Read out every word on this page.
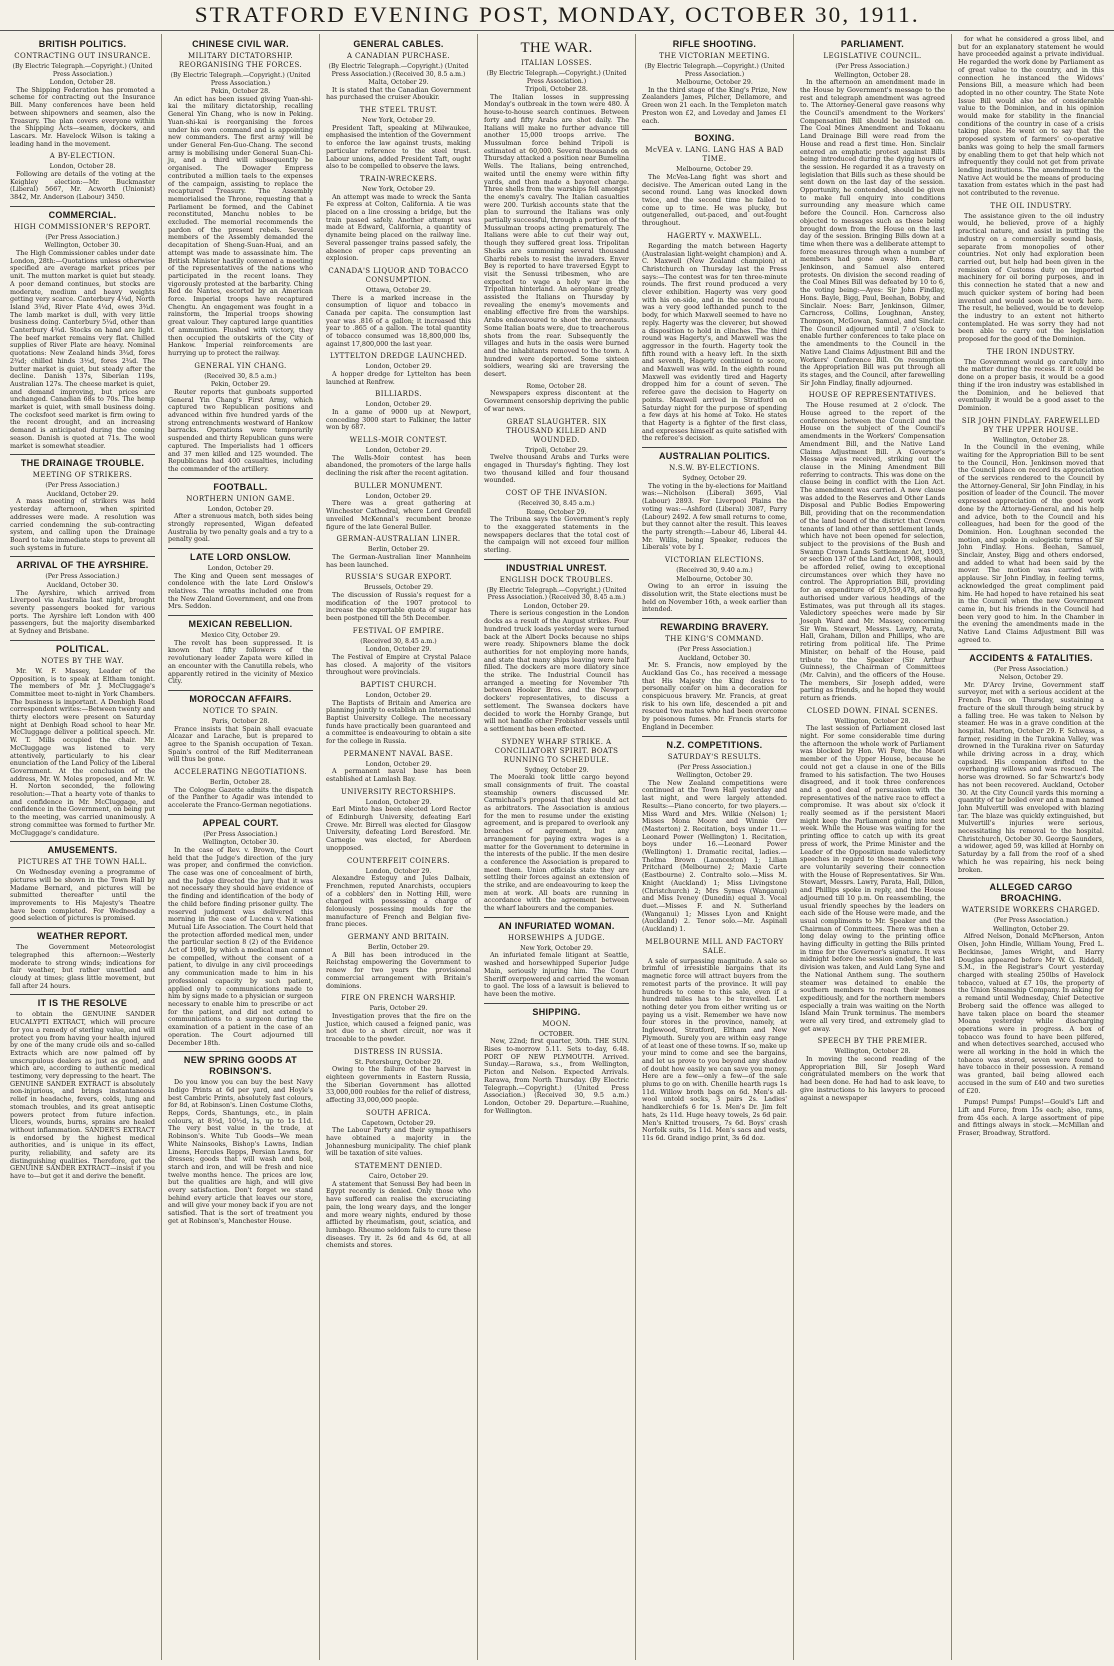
STRATFORD EVENING POST, MONDAY, OCTOBER 30, 1911.
BRITISH POLITICS.
CONTRACTING OUT INSURANCE.
(By Electric Telegraph.—Copyright.) (United Press Association.)
London, October 28.

The Shipping Federation has promoted a scheme for contracting out the Insurance Bill. Many conferences have been held between shipowners and seamen, also the Treasury. The plan covers everyone within the Shipping Acts—seamen, dockers, and Lascars. Mr. Havelock Wilson is taking a leading hand in the movement.

A BY-ELECTION.
London, October 28.

Following are details of the voting at the Keighley election:—Mr. Buckmaster (Liberal) 5667, Mr. Acworth (Unionist) 3842, Mr. Anderson (Labour) 3450.

COMMERCIAL.
HIGH COMMISSIONER'S REPORT.
(Per Press Association.)
Wellington, October 30.

The High Commissioner cables under date London, 28th:—Quotations unless otherwise specified are average market prices per unit. The mutton market is quiet but steady. A poor demand continues, but stocks are moderate, medium and heavy weights getting very scarce. Canterbury 4¼d, North Island 3¾d, River Plate 4¼d, ewes 3¾d. The lamb market is dull, with very little business doing. Canterbury 5¼d, other than Canterbury 4¾d. Stocks on hand are light. The beef market remains very flat. Chilled supplies of River Plate are heavy. Nominal quotations: New Zealand hinds 3¾d, fores 2¾d; chilled hinds 3½d, fores 2¾d. The butter market is quiet, but steady after the decline. Danish 137s, Siberian 119s, Australian 127s. The cheese market is quiet, and demand improving, but prices are unchanged. Canadian 68s to 70s. The hemp market is quiet, with small business doing. The cocksfoot seed market is firm owing to the recent drought, and an increasing demand is anticipated during the coming season. Danish is quoted at 71s. The wool market is somewhat steadier.

THE DRAINAGE TROUBLE.
MEETING OF STRIKERS.
(Per Press Association.)
Auckland, October 29.

A mass meeting of strikers was held yesterday afternoon, when spirited addresses were made. A resolution was carried condemning the sub-contracting system, and calling upon the Drainage Board to take immediate steps to prevent all such systems in future.

ARRIVAL OF THE AYRSHIRE.
(Per Press Association.)
Auckland, October 30.

The Ayrshire, which arrived from Liverpool via Australia last night, brought seventy passengers booked for various ports. The Ayrshire left London with 400 passengers, but the majority disembarked at Sydney and Brisbane.

POLITICAL.
NOTES BY THE WAY.

Mr. W. F. Massey, Leader of the Opposition, is to speak at Eltham tonight. The members of Mr. J. McCluggage's Committee meet to-night in York Chambers. The business is important. A Denbigh Road correspondent writes:—Between twenty and thirty electors were present on Saturday night at Denbigh Road school to hear Mr. McCluggage deliver a political speech. Mr. W. T. Mills occupied the chair. Mr. McCluggage was listened to very attentively, particularly to his clear enunciation of the Land Policy of the Liberal Government. At the conclusion of the address, Mr. W. Moles proposed, and Mr. W. H. Norton seconded, the following resolution:—That a hearty vote of thanks to and confidence in Mr. McCluggage, and confidence in the Government, on being put to the meeting, was carried unanimously. A strong committee was formed to further Mr. McCluggage's candidature.

AMUSEMENTS.
PICTURES AT THE TOWN HALL.

On Wednesday evening a programme of pictures will be shown in the Town Hall by Madame Bernard, and pictures will be submitted thereafter until the improvements to His Majesty's Theatre have been completed. For Wednesday a good selection of pictures is promised.

WEATHER REPORT.

The Government Meteorologist telegraphed this afternoon:—Westerly moderate to strong winds; indications for fair weather, but rather unsettled and cloudy at times; glass little movement, but fall after 24 hours.

IT IS THE RESOLVE

to obtain the GENUINE SANDER EUCALYPTI EXTRACT, which will procure for you a remedy of sterling value, and will protect you from having your health injured by one of the many crude oils and so-called Extracts which are now palmed off by unscrupulous dealers as just as good, and which are, according to authentic medical testimony, very depressing to the heart. The GENUINE SANDER EXTRACT is absolutely non-injurious, and brings instantaneous relief in headache, fevers, colds, lung and stomach troubles, and its great antiseptic powers protect from future infection. Ulcers, wounds, burns, sprains are healed without inflammation. SANDER'S EXTRACT is endorsed by the highest medical authorities, and is unique in its effect, purity, reliability, and safety are its distinguishing qualities. Therefore, get the GENUINE SANDER EXTRACT—insist if you have to—but get it and derive the benefit.

CHINESE CIVIL WAR.
MILITARY DICTATORSHIP. REORGANISING THE FORCES.
(By Electric Telegraph.—Copyright.) (United Press Association.)
Pekin, October 28.

An edict has been issued giving Yuan-shi-kai the military dictatorship, recalling General Yin Chang, who is now in Peking. Yuan-shi-kai is reorganising the forces under his own command and is appointing new commanders. The first army will be under General Fen-Guo-Chang. The second army is mobilising under General Suan-Chi-ju, and a third will subsequently be organised. The Dowager Empress contributed a million taels to the expenses of the campaign, assisting to replace the recaptured Treasury. The Assembly memorialised the Throne, requesting that a Parliament be formed, and the Cabinet reconstituted, Manchu nobles to be excluded. The memorial recommends the pardon of the present rebels. Several members of the Assembly demanded the decapitation of Sheng-Suan-Huai, and an attempt was made to assassinate him. The British Minister hastily convened a meeting of the representatives of the nations who participated in the recent loans. They vigorously protested at the barbarity. Ching Red de Nantes, escorted by an American force. Imperial troops have recaptured Chengtu. An engagement was fought in a rainstorm, the Imperial troops showing great valour. They captured large quantities of ammunition. Flushed with victory, they then occupied the outskirts of the City of Hankow. Imperial reinforcements are hurrying up to protect the railway.

GENERAL YIN CHANG.
(Received 30, 8.5 a.m.)
Pekin, October 29.

Reuter reports that gunboats supported General Yin Chang's First Army, which captured two Republican positions and advanced within five hundred yards of the strong entrenchments westward of Hankow barracks. Operations were temporarily suspended and thirty Republican guns were captured. The Imperialists had 1 officers and 37 men killed and 125 wounded. The Republicans had 400 casualties, including the commander of the artillery.

FOOTBALL.
NORTHERN UNION GAME.
London, October 29.

After a strenuous match, both sides being strongly represented, Wigan defeated Australia by two penalty goals and a try to a penalty goal.

LATE LORD ONSLOW.
London, October 29.

The King and Queen sent messages of condolence with the late Lord Onslow's relatives. The wreaths included one from the New Zealand Government, and one from Mrs. Seddon.

MEXICAN REBELLION.
Mexico City, October 29.

The revolt has been suppressed. It is known that fifty followers of the revolutionary leader Zapata were killed in an encounter with the Canutilla rebels, who apparently retired in the vicinity of Mexico City.

MOROCCAN AFFAIRS.
NOTICE TO SPAIN.
Paris, October 28.

France insists that Spain shall evacuate Alcazar and Larache, but is prepared to agree to the Spanish occupation of Texan. Spain's control of the Riff Mediterranean will thus be gone.

ACCELERATING NEGOTIATIONS.
Berlin, October 28.

The Cologne Gazette admits the dispatch of the Panther to Agadir was intended to accelerate the Franco-German negotiations.

APPEAL COURT.
(Per Press Association.)
Wellington, October 30.

In the case of Rev. v. Brown, the Court held that the Judge's direction of the jury was proper, and confirmed the conviction. The case was one of concealment of birth, and the Judge directed the jury that it was not necessary they should have evidence of the finding and identification of the body of the child before finding prisoner guilty. The reserved judgment was delivered this morning in the case of Lucena v. National Mutual Life Association. The Court held that the protection afforded medical men, under the particular section 8 (2) of the Evidence Act of 1908, by which a medical man cannot be compelled, without the consent of a patient, to divulge in any civil proceedings any communication made to him in his professional capacity by such patient, applied only to communications made to him by signs made to a physician or surgeon necessary to enable him to prescribe or act for the patient, and did not extend to communications to a surgeon during the examination of a patient in the case of an operation. The Court adjourned till December 18th.

NEW SPRING GOODS AT ROBINSON'S.

Do you know you can buy the best Navy Indigo Prints at 6d per yard, and Hoyle's best Cambric Prints, absolutely fast colours, for 8d, at Robinson's. Linen Costume Cloths, Repps, Cords, Shantungs, etc., in plain colours, at 8½d, 10½d, 1s, up to 1s 11d. The very best value in the trade, at Robinson's. White Tub Goods—We mean White Nainsooks, Bishop's Lawns, Indian Linens, Hercules Repps, Persian Lawns, for dresses; goods that will wash and boil, starch and iron, and will be fresh and nice twelve months hence. The prices are low, but the qualities are high, and will give every satisfaction. Don't forget we stand behind every article that leaves our store, and will give your money back if you are not satisfied. That is the sort of treatment you get at Robinson's, Manchester House.

GENERAL CABLES.
A CANADIAN PURCHASE.
(By Electric Telegraph.—Copyright.) (United Press Association.) (Received 30, 8.5 a.m.)
Malta, October 29.

It is stated that the Canadian Government has purchased the cruiser Aboukir.

THE STEEL TRUST.
New York, October 29.

President Taft, speaking at Milwaukee, emphasised the intention of the Government to enforce the law against trusts, making particular reference to the steel trust. Labour unions, added President Taft, ought also to be compelled to observe the laws.

TRAIN-WRECKERS.
New York, October 29.

An attempt was made to wreck the Santa Fe express at Colton, California. A tie was placed on a line crossing a bridge, but the train passed safely. Another attempt was made at Edward, California, a quantity of dynamite being placed on the railway line. Several passenger trains passed safely, the absence of proper caps preventing an explosion.

CANADA'S LIQUOR AND TOBACCO CONSUMPTION.
Ottawa, October 29.

There is a marked increase in the consumption of liquor and tobacco in Canada per capita. The consumption last year was .816 of a gallon; it increased this year to .865 of a gallon. The total quantity of tobacco consumed was 18,800,000 lbs, against 17,800,000 the last year.

LYTTELTON DREDGE LAUNCHED.
London, October 29.

A hopper dredge for Lyttelton has been launched at Renfrew.

BILLIARDS.
London, October 29.

In a game of 9000 up at Newport, conceding 3000 start to Falkiner, the latter won by 687.

WELLS-MOIR CONTEST.
London, October 29.

The Wells-Moir contest has been abandoned, the promoters of the large halls declining the risk after the recent agitation.

BULLER MONUMENT.
London, October 29.

There was a great gathering at Winchester Cathedral, where Lord Grenfell unveiled McKennal's recumbent bronze figure of the late General Buller.

GERMAN-AUSTRALIAN LINER.
Berlin, October 29.

The German-Australian liner Mannheim has been launched.

RUSSIA'S SUGAR EXPORT.
Brussels, October 29.

The discussion of Russia's request for a modification of the 1907 protocol to increase the exportable quota of sugar has been postponed till the 5th December.

FESTIVAL OF EMPIRE.
(Received 30, 8.45 a.m.)
London, October 29.

The Festival of Empire at Crystal Palace has closed. A majority of the visitors throughout were provincials.

BAPTIST CHURCH.
London, October 29.

The Baptists of Britain and America are planning jointly to establish an International Baptist University College. The necessary funds have practically been guaranteed and a committee is endeavouring to obtain a site for the college in Russia.

PERMANENT NAVAL BASE.
London, October 29.

A permanent naval base has been established at Lamlash Bay.

UNIVERSITY RECTORSHIPS.
London, October 29.

Earl Minto has been elected Lord Rector of Edinburgh University, defeating Earl Crewe. Mr. Birrell was elected for Glasgow University, defeating Lord Beresford. Mr. Carnegie was elected, for Aberdeen unopposed.

COUNTERFEIT COINERS.
London, October 29.

Alexandre Esteguy and Jules Dalbaix, Frenchmen, reputed Anarchists, occupiers of a cobblers' den in Notting Hill, were charged with possessing a charge of feloniously possessing moulds for the manufacture of French and Belgian five-franc pieces.

GERMANY AND BRITAIN.
Berlin, October 29.

A Bill has been introduced in the Reichstag empowering the Government to renew for two years the provisional commercial arrangement with Britain's dominions.

FIRE ON FRENCH WARSHIP.
Paris, October 29.

Investigation proves that the fire on the Justice, which caused a feigned panic, was not due to a short circuit, nor was it traceable to the powder.

DISTRESS IN RUSSIA.
St. Petersburg, October 29.

Owing to the failure of the harvest in eighteen governments in Eastern Russia, the Siberian Government has allotted 33,000,000 roubles for the relief of distress, affecting 33,000,000 people.

SOUTH AFRICA.
Capetown, October 29.

The Labour Party and their sympathisers have obtained a majority in the Johannesburg municipality. The chief plank will be taxation of site values.

STATEMENT DENIED.
Cairo, October 29.

A statement that Senussi Bey had been in Egypt recently is denied. Only those who have suffered can realise the excruciating pain, the long weary days, and the longer and more weary nights, endured by those afflicted by rheumatism, gout, sciatica, and lumbago. Rheumo seldom fails to cure these diseases. Try it. 2s 6d and 4s 6d, at all chemists and stores.

THE WAR.
ITALIAN LOSSES.
(By Electric Telegraph.—Copyright.) (United Press Association.)
Tripoli, October 28.

The Italian losses in suppressing Monday's outbreak in the town were 480. A house-to-house search continues. Between forty and fifty Arabs are shot daily. The Italians will make no further advance till another 15,000 troops arrive. The Mussulman force behind Tripoli is estimated at 60,000. Several thousands on Thursday attacked a position near Bumelina Wells. The Italians, being entrenched, waited until the enemy were within fifty yards, and then made a bayonet charge. Three shells from the warships fell amongst the enemy's cavalry. The Italian casualties were 200. Turkish accounts state that the plan to surround the Italians was only partially successful, through a portion of the Mussulman troops acting prematurely. The Italians were able to cut their way out, though they suffered great loss. Tripolitan Sheiks are summoning several thousand Gharbi rebels to resist the invaders. Enver Bey is reported to have traversed Egypt to visit the Senussi tribesmen, who are expected to wage a holy war in the Tripolitan hinterland. An aeroplane greatly assisted the Italians on Thursday by revealing the enemy's movements and enabling effective fire from the warships. Arabs endeavoured to shoot the aeronauts. Some Italian boats were, due to treacherous shots from the rear. Subsequently the villages and huts in the oasis were burned and the inhabitants removed to the town. A hundred were deported. Some sixteen soldiers, wearing ski are traversing the desert.

Rome, October 28.

Newspapers express discontent at the Government censorship depriving the public of war news.

GREAT SLAUGHTER. SIX THOUSAND KILLED AND WOUNDED.
Tripoli, October 29.

Twelve thousand Arabs and Turks were engaged in Thursday's fighting. They lost two thousand killed and four thousand wounded.

COST OF THE INVASION.
(Received 30, 8.45 a.m.)
Rome, October 29.

The Tribuna says the Government's reply to the exaggerated statements in the newspapers declares that the total cost of the campaign will not exceed four million sterling.

INDUSTRIAL UNREST.
ENGLISH DOCK TROUBLES.
(By Electric Telegraph.—Copyright.) (United Press Association.) (Received 30, 8.45 a.m.)
London, October 29.

There is serious congestion in the London docks as a result of the August strikes. Four hundred truck loads yesterday were turned back at the Albert Docks because no ships were ready. Shipowners blame the dock authorities for not employing more hands, and state that many ships leaving were half filled. The dockers are more dilatory since the strike. The Industrial Council has arranged a meeting for November 7th between Hooker Bros. and the Newport dockers' representatives, to discuss a settlement. The Swansea dockers have decided to work the Hornby Grange, but will not handle other Frobisher vessels until a settlement has been effected.

SYDNEY WHARF STRIKE. A CONCILIATORY SPIRIT. BOATS RUNNING TO SCHEDULE.
Sydney, October 29.

The Moeraki took little cargo beyond small consignments of fruit. The coastal steamship owners discussed Mr. Carmichael's proposal that they should act as arbitrators. The Association is anxious for the men to resume under the existing agreement, and is prepared to overlook any breaches of agreement, but any arrangement for paying extra wages is a matter for the Government to determine in the interests of the public. If the men desire a conference the Association is prepared to meet them. Union officials state they are settling their forces against an extension of the strike, and are endeavouring to keep the men at work. All boats are running in accordance with the agreement between the wharf labourers and the companies.

AN INFURIATED WOMAN.
HORSEWHIPS A JUDGE.
New York, October 29.

An infuriated female litigant at Seattle, washed and horsewhipped Superior Judge Main, seriously injuring him. The Court Sheriff overpowered and carried the woman to gaol. The loss of a lawsuit is believed to have been the motive.

SHIPPING.
MOON.
OCTOBER.

New, 22nd; first quarter, 30th. THE SUN. Rises to-morrow 5.11. Sets to-day, 6.48. PORT OF NEW PLYMOUTH. Arrived. Sunday.—Rarawa, s.s., from Wellington, Picton and Nelson. Expected Arrivals. Rarawa, from North Thursday. (By Electric Telegraph.—Copyright.) (United Press Association.) (Received 30, 9.5 a.m.) London, October 29. Departure.—Ruahine, for Wellington.

RIFLE SHOOTING.
THE VICTORIAN MEETING.
(By Electric Telegraph.—Copyright.) (United Press Association.)
Melbourne, October 29.

In the third stage of the King's Prize, New Zealanders James, Pilcher, Dellamore, and Green won 21 each. In the Templeton match Preston won £2, and Loveday and James £1 each.

BOXING.
McVEA v. LANG. LANG HAS A BAD TIME.
Melbourne, October 29.

The McVea-Lang fight was short and decisive. The American outed Lang in the second round. Lang was knocked down twice, and the second time he failed to come up to time. He was plucky, but outgeneralled, out-paced, and out-fought throughout.

HAGERTY v. MAXWELL.

Regarding the match between Hagerty (Australasian light-weight champion) and A. C. Maxwell (New Zealand champion) at Christchurch on Thursday last the Press says:—The contest was for ten three-minute rounds. The first round produced a very clever exhibition. Hagerty was very good with his on-side, and in the second round was a very good lefthanded punch to the body, for which Maxwell seemed to have no reply. Hagerty was the cleverer, but showed a disposition to hold in clinches. The third round was Hagerty's, and Maxwell was the aggressor in the fourth. Hagerty took the fifth round with a heavy left. In the sixth and seventh, Hagerty continued to score, and Maxwell was wild. In the eighth round Maxwell was evidently tired and Hagerty dropped him for a count of seven. The referee gave the decision to Hagerty on points. Maxwell arrived in Stratford on Saturday night for the purpose of spending a few days at his home at Toko. He states that Hagerty is a fighter of the first class, and expresses himself as quite satisfied with the referee's decision.

AUSTRALIAN POLITICS.
N.S.W. BY-ELECTIONS.
Sydney, October 29.

The voting in the by-elections for Maitland was:—Nicholson (Liberal) 3695, Vial (Labour) 2893. For Liverpool Plains the voting was:—Ashford (Liberal) 3087, Parry (Labour) 2492. A few small returns to come, but they cannot alter the result. This leaves the party strength:—Labour 46, Liberal 44. Mr. Willis, being Speaker, reduces the Liberals' vote by 1.

VICTORIAN ELECTIONS.
(Received 30, 9.40 a.m.)
Melbourne, October 30.

Owing to an error in issuing the dissolution writ, the State elections must be held on November 16th, a week earlier than intended.

REWARDING BRAVERY.
THE KING'S COMMAND.
(Per Press Association.)
Auckland, October 30.

Mr. S. Francis, now employed by the Auckland Gas Co., has received a message that His Majesty the King desires to personally confer on him a decoration for conspicuous bravery. Mr. Francis, at great risk to his own life, descended a pit and rescued two mates who had been overcome by poisonous fumes. Mr. Francis starts for England in December.

N.Z. COMPETITIONS.
SATURDAY'S RESULTS.
(Per Press Association.)
Wellington, October 29.

The New Zealand competitions were continued at the Town Hall yesterday and last night, and were largely attended. Results:—Piano concerto, for two players.—Miss Ward and Mrs. Wilkie (Nelson) 1; Misses Mona Moore and Winnie Orr (Masterton) 2. Recitation, boys under 11.—Leonard Power (Wellington) 1. Recitation, boys under 16.—Leonard Power (Wellington) 1. Dramatic recital, ladies.—Thelma Brown (Launceston) 1; Lilian Pritchard (Melbourne) 2; Maxie Carte (Eastbourne) 2. Contralto solo.—Miss M. Knight (Auckland) 1; Miss Livingstone (Christchurch) 2; Mrs Symes (Wanganui) and Miss Iveney (Dunedin) equal 3. Vocal duet.—Misses F. and N. Sutherland (Wanganui) 1; Misses Lyon and Knight (Auckland) 2. Tenor solo.—Mr. Aspinall (Auckland) 1.

MELBOURNE MILL AND FACTORY SALE.

A sale of surpassing magnitude. A sale so brimful of irresistible bargains that its magnetic force will attract buyers from the remotest parts of the province. It will pay hundreds to come to this sale, even if a hundred miles has to be travelled. Let nothing deter you from either writing us or paying us a visit. Remember we have now four stores in the province, namely, at Inglewood, Stratford, Eltham and New Plymouth. Surely you are within easy range of at least one of these towns. If so, make up your mind to come and see the bargains, and let us prove to you beyond any shadow of doubt how easily we can save you money. Here are a few—only a few—of the sale plums to go on with. Chenille hearth rugs 1s 11d. Willow broth bags on 6d. Men's all-wool untold socks, 3 pairs 2s. Ladies' handkerchiefs 6 for 1s. Men's Dr. Jim felt hats, 2s 11d. Huge heavy towels, 2s 6d pair. Men's Knitted trousers, 7s 6d. Boys' crash Norfolk suits, 5s 11d. Men's sacs and vests, 11s 6d. Grand indigo print, 3s 6d doz.

PARLIAMENT.
LEGISLATIVE COUNCIL.
(Per Press Association.)
Wellington, October 28.

In the afternoon an amendment made in the House by Government's message to the rest and telegraph amendment was agreed to. The Attorney-General gave reasons why the Council's amendment to the Workers' Compensation Bill should be insisted on. The Coal Mines Amendment and Tokaanu Land Drainage Bill were read from the House and read a first time. Hon. Sinclair entered an emphatic protest against Bills being introduced during the dying hours of the session. He regarded it as a travesty on legislation that Bills such as these should be sent down on the last day of the session. Opportunity, he contended, should be given to make full enquiry into conditions surrounding any measure which came before the Council. Hon. Carncross also objected to messages such as these being brought down from the House on the last day of the session. Bringing Bills down at a time when there was a deliberate attempt to force measures through when a number of members had gone away. Hon. Barr, Jenkinson, and Samuel also entered protests. On division the second reading of the Coal Mines Bill was defeated by 10 to 6, the voting being:—Ayes: Sir John Findlay, Hons. Bayle, Bigg, Paul, Beehan, Bobby, and Sinclair. Noes: Barr, Jenkinson, Gilmer, Carncross, Collins, Loughnan, Anstey, Thompson, McGowan, Samuel, and Sinclair. The Council adjourned until 7 o'clock to enable further conferences to take place on the amendments to the Council in the Native Land Claims Adjustment Bill and the Workers' Conference Bill. On resumption the Appropriation Bill was put through all its stages, and the Council, after farewelling Sir John Findlay, finally adjourned.

HOUSE OF REPRESENTATIVES.

The House resumed at 2 o'clock. The House agreed to the report of the conferences between the Council and the House on the subject of the Council's amendments in the Workers' Compensation Amendment Bill, and the Native Land Claims Adjustment Bill. A Governor's Message was received, striking out the clause in the Mining Amendment Bill referring to contracts. This was done on the clause being in conflict with the Lion Act. The amendment was carried. A new clause was added to the Reserves and Other Lands Disposal and Public Bodies Empowering Bill, providing that on the recommendation of the land board of the district that Crown tenants of land other than settlement lands, which have not been opened for selection, subject to the provisions of the Bush and Swamp Crown Lands Settlement Act, 1903, or section 137 of the Land Act, 1908, should be afforded relief, owing to exceptional circumstances over which they have no control. The Appropriation Bill, providing for an expenditure of £9,559,478, already authorised under various headings of the Estimates, was put through all its stages. Valedictory speeches were made by Sir Joseph Ward and Mr. Massey, concerning Sir Wm. Stewart, Messrs. Lawry, Parata, Hall, Graham, Dillon and Phillips, who are retiring from political life. The Prime Minister, on behalf of the House, paid tribute to the Speaker (Sir Arthur Guinness), the Chairman of Committees (Mr. Calvin), and the officers of the House. The members, Sir Joseph added, were parting as friends, and he hoped they would return as friends.

CLOSED DOWN. FINAL SCENES.
Wellington, October 28.

The last session of Parliament closed last night. For some considerable time during the afternoon the whole work of Parliament was blocked by Hon. Wi Pere, the Maori member of the Upper House, because he could not get a clause in one of the Bills framed to his satisfaction. The two Houses disagreed, and it took three conferences and a good deal of persuasion with the representatives of the native race to effect a compromise. It was about six o'clock it really seemed as if the persistent Maori might keep the Parliament going into next week. While the House was waiting for the printing office to catch up with its great press of work, the Prime Minister and the Leader of the Opposition made valedictory speeches in regard to those members who are voluntarily severing their connection with the House of Representatives. Sir Wm. Stewart, Messrs. Lawry, Parata, Hall, Dillon, and Phillips spoke in reply, and the House adjourned till 10 p.m. On reassembling, the usual friendly speeches by the leaders on each side of the House were made, and the usual compliments to Mr. Speaker and the Chairman of Committees. There was then a long delay owing to the printing office having difficulty in getting the Bills printed in time for the Governor's signature. It was midnight before the session ended, the last division was taken, and Auld Lang Syne and the National Anthem sung. The southern steamer was detained to enable the southern members to reach their homes expeditiously, and for the northern members especially a train was waiting on the North Island Main Trunk terminus. The members were all very tired, and extremely glad to get away.

SPEECH BY THE PREMIER.
Wellington, October 28.

In moving the second reading of the Appropriation Bill, Sir Joseph Ward congratulated members on the work that had been done. He had had to ask leave, to give instructions to his lawyers to proceed against a newspaper

for what he considered a gross libel, and but for an explanatory statement he would have proceeded against a private individual. He regarded the work done by Parliament as of great value to the country, and in this connection he instanced the Widows' Pensions Bill, a measure which had been adopted in no other country. The State Note Issue Bill would also be of considerable value to the Dominion, and in his opinion would make for stability in the financial conditions of the country in case of a crisis taking place. He went on to say that the proposed system of farmers' co-operative banks was going to help the small farmers by enabling them to get that help which not infrequently they could not get from private lending institutions. The amendment to the Native Act would be the means of producing taxation from estates which in the past had not contributed to the revenue.

THE OIL INDUSTRY.

The assistance given to the oil industry would, he believed, prove of a highly practical nature, and assist in putting the industry on a commercially sound basis, separate from monopolies of other countries. Not only had exploration been carried out, but help had been given in the remission of Customs duty on imported machinery for oil boring purposes, and in this connection he stated that a new and much quicker system of boring had been invented and would soon be at work here. The result, he believed, would be to develop the industry to an extent not hitherto contemplated. He was sorry they had not been able to carry out the legislation proposed for the good of the Dominion.

THE IRON INDUSTRY.

The Government would go carefully into the matter during the recess. If it could be done on a proper basis, it would be a good thing if the iron industry was established in the Dominion, and he believed that eventually it would be a good asset to the Dominion.

SIR JOHN FINDLAY. FAREWELLED BY THE UPPER HOUSE.
Wellington, October 28.

In the Council in the evening, while waiting for the Appropriation Bill to be sent to the Council, Hon. Jenkinson moved that the Council place on record its appreciation of the services rendered to the Council by the Attorney-General, Sir John Findlay, in his position of leader of the Council. The mover expressed appreciation of the good work done by the Attorney-General, and his help and advice, both to the Council and his colleagues, had been for the good of the Dominion. Hon. Loughnan seconded the motion, and spoke in eulogistic terms of Sir John Findlay. Hons. Beehan, Samuel, Sinclair, Anstey, Bigg and others endorsed, and added to what had been said by the mover. The motion was carried with applause. Sir John Findlay, in feeling terms, acknowledged the great compliment paid him. He had hoped to have retained his seat in the Council when the new Government came in, but his friends in the Council had been very good to him. In the Chamber in the evening the amendments made in the Native Land Claims Adjustment Bill was agreed to.

ACCIDENTS & FATALITIES.
(Per Press Association.)
Nelson, October 29.

Mr. D'Arcy Irvine, Government staff surveyor, met with a serious accident at the French Pass on Thursday, sustaining a fracture of the skull through being struck by a falling tree. He was taken to Nelson by steamer. He was in a grave condition at the hospital. Marton, October 29. F. Schwass, a farmer, residing in the Turakina Valley, was drowned in the Turakina river on Saturday while driving across in a dray, which capsized. His companion drifted to the overhanging willows and was rescued. The horse was drowned. So far Schwartz's body has not been recovered. Auckland, October 30. At the City Council yards this morning a quantity of tar boiled over and a man named John Mulvertill was enveloped with blazing tar. The blaze was quickly extinguished, but Mulvertill's injuries were serious, necessitating his removal to the hospital. Christchurch, October 30. George Saunders, a widower, aged 59, was killed at Hornby on Saturday by a fall from the roof of a shed which he was repairing, his neck being broken.

ALLEGED CARGO BROACHING.
WATERSIDE WORKERS CHARGED.
(Per Press Association.)
Wellington, October 29.

Alfred Nelson, Donald McPherson, Anton Olsen, John Hindle, William Young, Fred L. Beckinsae, James Wright, and Harry Douglas appeared before Mr W. G. Riddell, S.M., in the Registrar's Court yesterday charged with stealing 250lbs of Havelock tobacco, valued at £7 10s, the property of the Union Steamship Company. In asking for a remand until Wednesday, Chief Detective Broberg said the offence was alleged to have taken place on board the steamer Moana yesterday while discharging operations were in progress. A box of tobacco was found to have been pilfered, and when detectives searched, accused who were all working in the hold in which the tobacco was stored, seven were found to have tobacco in their possession. A remand was granted, bail being allowed each accused in the sum of £40 and two sureties of £20.

Pumps! Pumps! Pumps!—Gould's Lift and Lift and Force, from 15s each; also, rams, from 45s each. A large assortment of pipe and fittings always in stock.—McMillan and Fraser, Broadway, Stratford.
